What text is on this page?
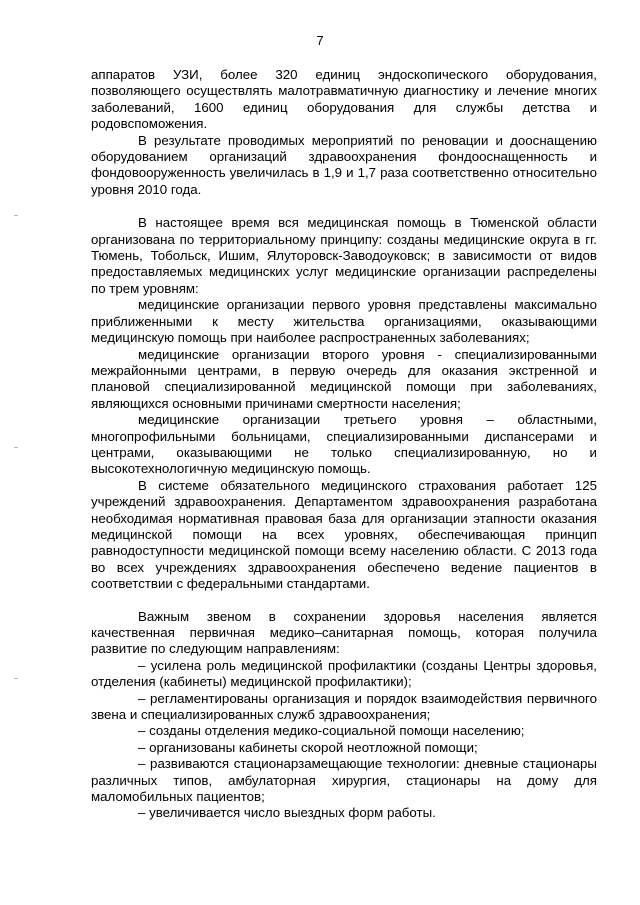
7

аппаратов УЗИ, более 320 единиц эндоскопического оборудования, позволяющего осуществлять малотравматичную диагностику и лечение многих заболеваний, 1600 единиц оборудования для службы детства и родовспоможения.

В результате проводимых мероприятий по реновации и дооснащению оборудованием организаций здравоохранения фондооснащенность и фондовооруженность увеличилась в 1,9 и 1,7 раза соответственно относительно уровня 2010 года.

В настоящее время вся медицинская помощь в Тюменской области организована по территориальному принципу: созданы медицинские округа в гг. Тюмень, Тобольск, Ишим, Ялуторовск-Заводоуковск; в зависимости от видов предоставляемых медицинских услуг медицинские организации распределены по трем уровням:

медицинские организации первого уровня представлены максимально приближенными к месту жительства организациями, оказывающими медицинскую помощь при наиболее распространенных заболеваниях;

медицинские организации второго уровня - специализированными межрайонными центрами, в первую очередь для оказания экстренной и плановой специализированной медицинской помощи при заболеваниях, являющихся основными причинами смертности населения;

медицинские организации третьего уровня – областными, многопрофильными больницами, специализированными диспансерами и центрами, оказывающими не только специализированную, но и высокотехнологичную медицинскую помощь.

В системе обязательного медицинского страхования работает 125 учреждений здравоохранения. Департаментом здравоохранения разработана необходимая нормативная правовая база для организации этапности оказания медицинской помощи на всех уровнях, обеспечивающая принцип равнодоступности медицинской помощи всему населению области. С 2013 года во всех учреждениях здравоохранения обеспечено ведение пациентов в соответствии с федеральными стандартами.

Важным звеном в сохранении здоровья населения является качественная первичная медико–санитарная помощь, которая получила развитие по следующим направлениям:

– усилена роль медицинской профилактики (созданы Центры здоровья, отделения (кабинеты) медицинской профилактики);

– регламентированы организация и порядок взаимодействия первичного звена и специализированных служб здравоохранения;

– созданы отделения медико-социальной помощи населению;

– организованы кабинеты скорой неотложной помощи;

– развиваются стационарзамещающие технологии: дневные стационары различных типов, амбулаторная хирургия, стационары на дому для маломобильных пациентов;

– увеличивается число выездных форм работы.
